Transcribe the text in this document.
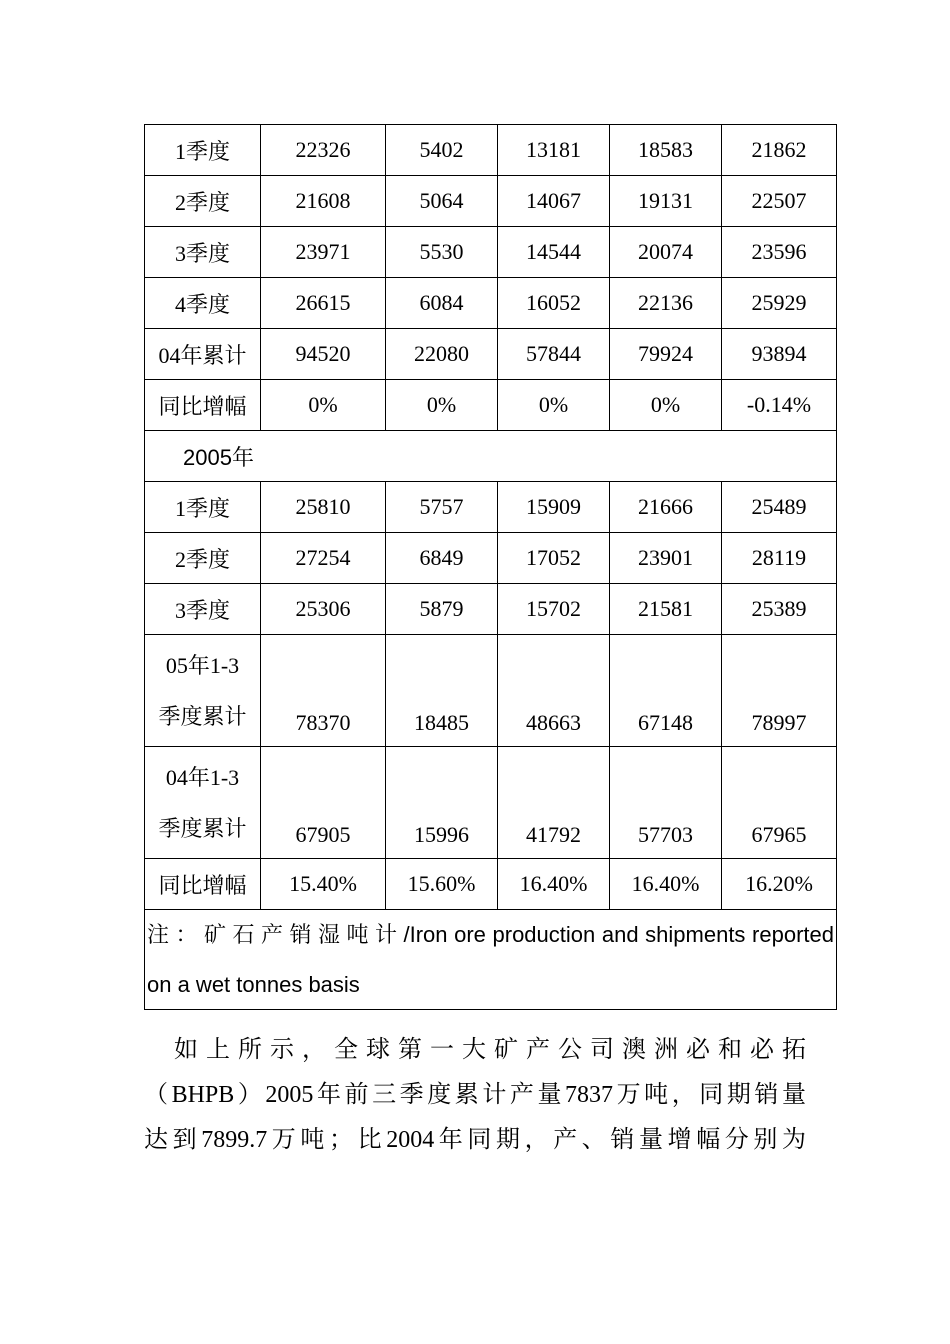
1季度	22326	5402	13181	18583	21862
2季度	21608	5064	14067	19131	22507
3季度	23971	5530	14544	20074	23596
4季度	26615	6084	16052	22136	25929
04年累计	94520	22080	57844	79924	93894
同比增幅	0%	0%	0%	0%	-0.14%
2005年					
1季度	25810	5757	15909	21666	25489
2季度	27254	6849	17052	23901	28119
3季度	25306	5879	15702	21581	25389

05年1-3
季度累计	78370	18485	48663	67148	78997

04年1-3
季度累计	67905	15996	41792	57703	67965
同比增幅	15.40%	15.60%	16.40%	16.40%	16.20%
注：矿石产销湿吨计/Iron ore production and shipments reported on a wet tonnes basis					

如上所示，全球第一大矿产公司澳洲必和必拓
（BHPB）2005年前三季度累计产量7837万吨，同期销量
达到7899.7万吨；比2004年同期，产、销量增幅分别为
